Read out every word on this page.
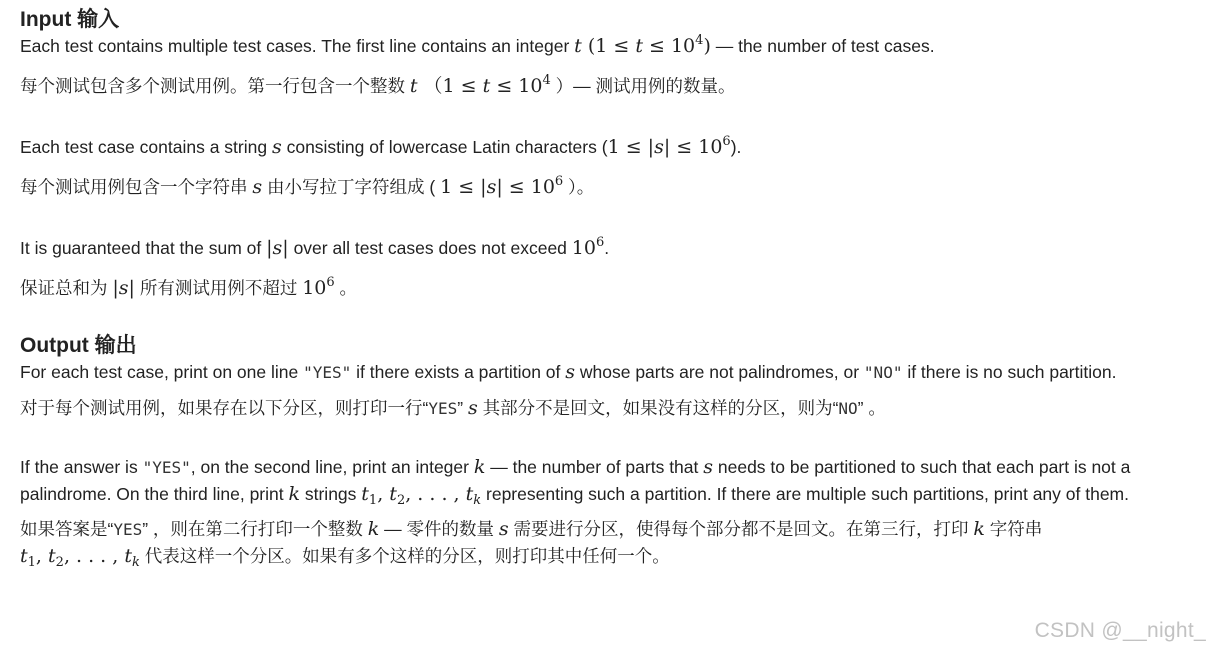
Input 输入

Each test contains multiple test cases. The first line contains an integer t $(1 \le t \le 10^4)$ — the number of test cases.

每个测试包含多个测试用例。第一行包含一个整数 t （$1 \le t \le 10^4$ ）— 测试用例的数量。

Each test case contains a string s consisting of lowercase Latin characters $(1 \le |s| \le 10^6)$.

每个测试用例包含一个字符串 s 由小写拉丁字符组成 ( $1 \le |s| \le 10^6$ ）。

It is guaranteed that the sum of |s| over all test cases does not exceed $10^6$.

保证总和为 |s| 所有测试用例不超过 $10^6$ 。

Output 输出

For each test case, print on one line "YES" if there exists a partition of s whose parts are not palindromes, or "NO" if there is no such partition.

对于每个测试用例，如果存在以下分区，则打印一行“YES” s 其部分不是回文，如果没有这样的分区，则为“NO” 。

If the answer is "YES", on the second line, print an integer k — the number of parts that s needs to be partitioned to such that each part is not a palindrome. On the third line, print k strings $t_1$, $t_2$, . . . , $t_k$ representing such a partition. If there are multiple such partitions, print any of them.

如果答案是“YES” ，则在第二行打印一个整数 k — 零件的数量 s 需要进行分区，使得每个部分都不是回文。在第三行，打印 k 字符串
$t_1$, $t_2$, . . . , $t_k$ 代表这样一个分区。如果有多个这样的分区，则打印其中任何一个。

CSDN @__night_
